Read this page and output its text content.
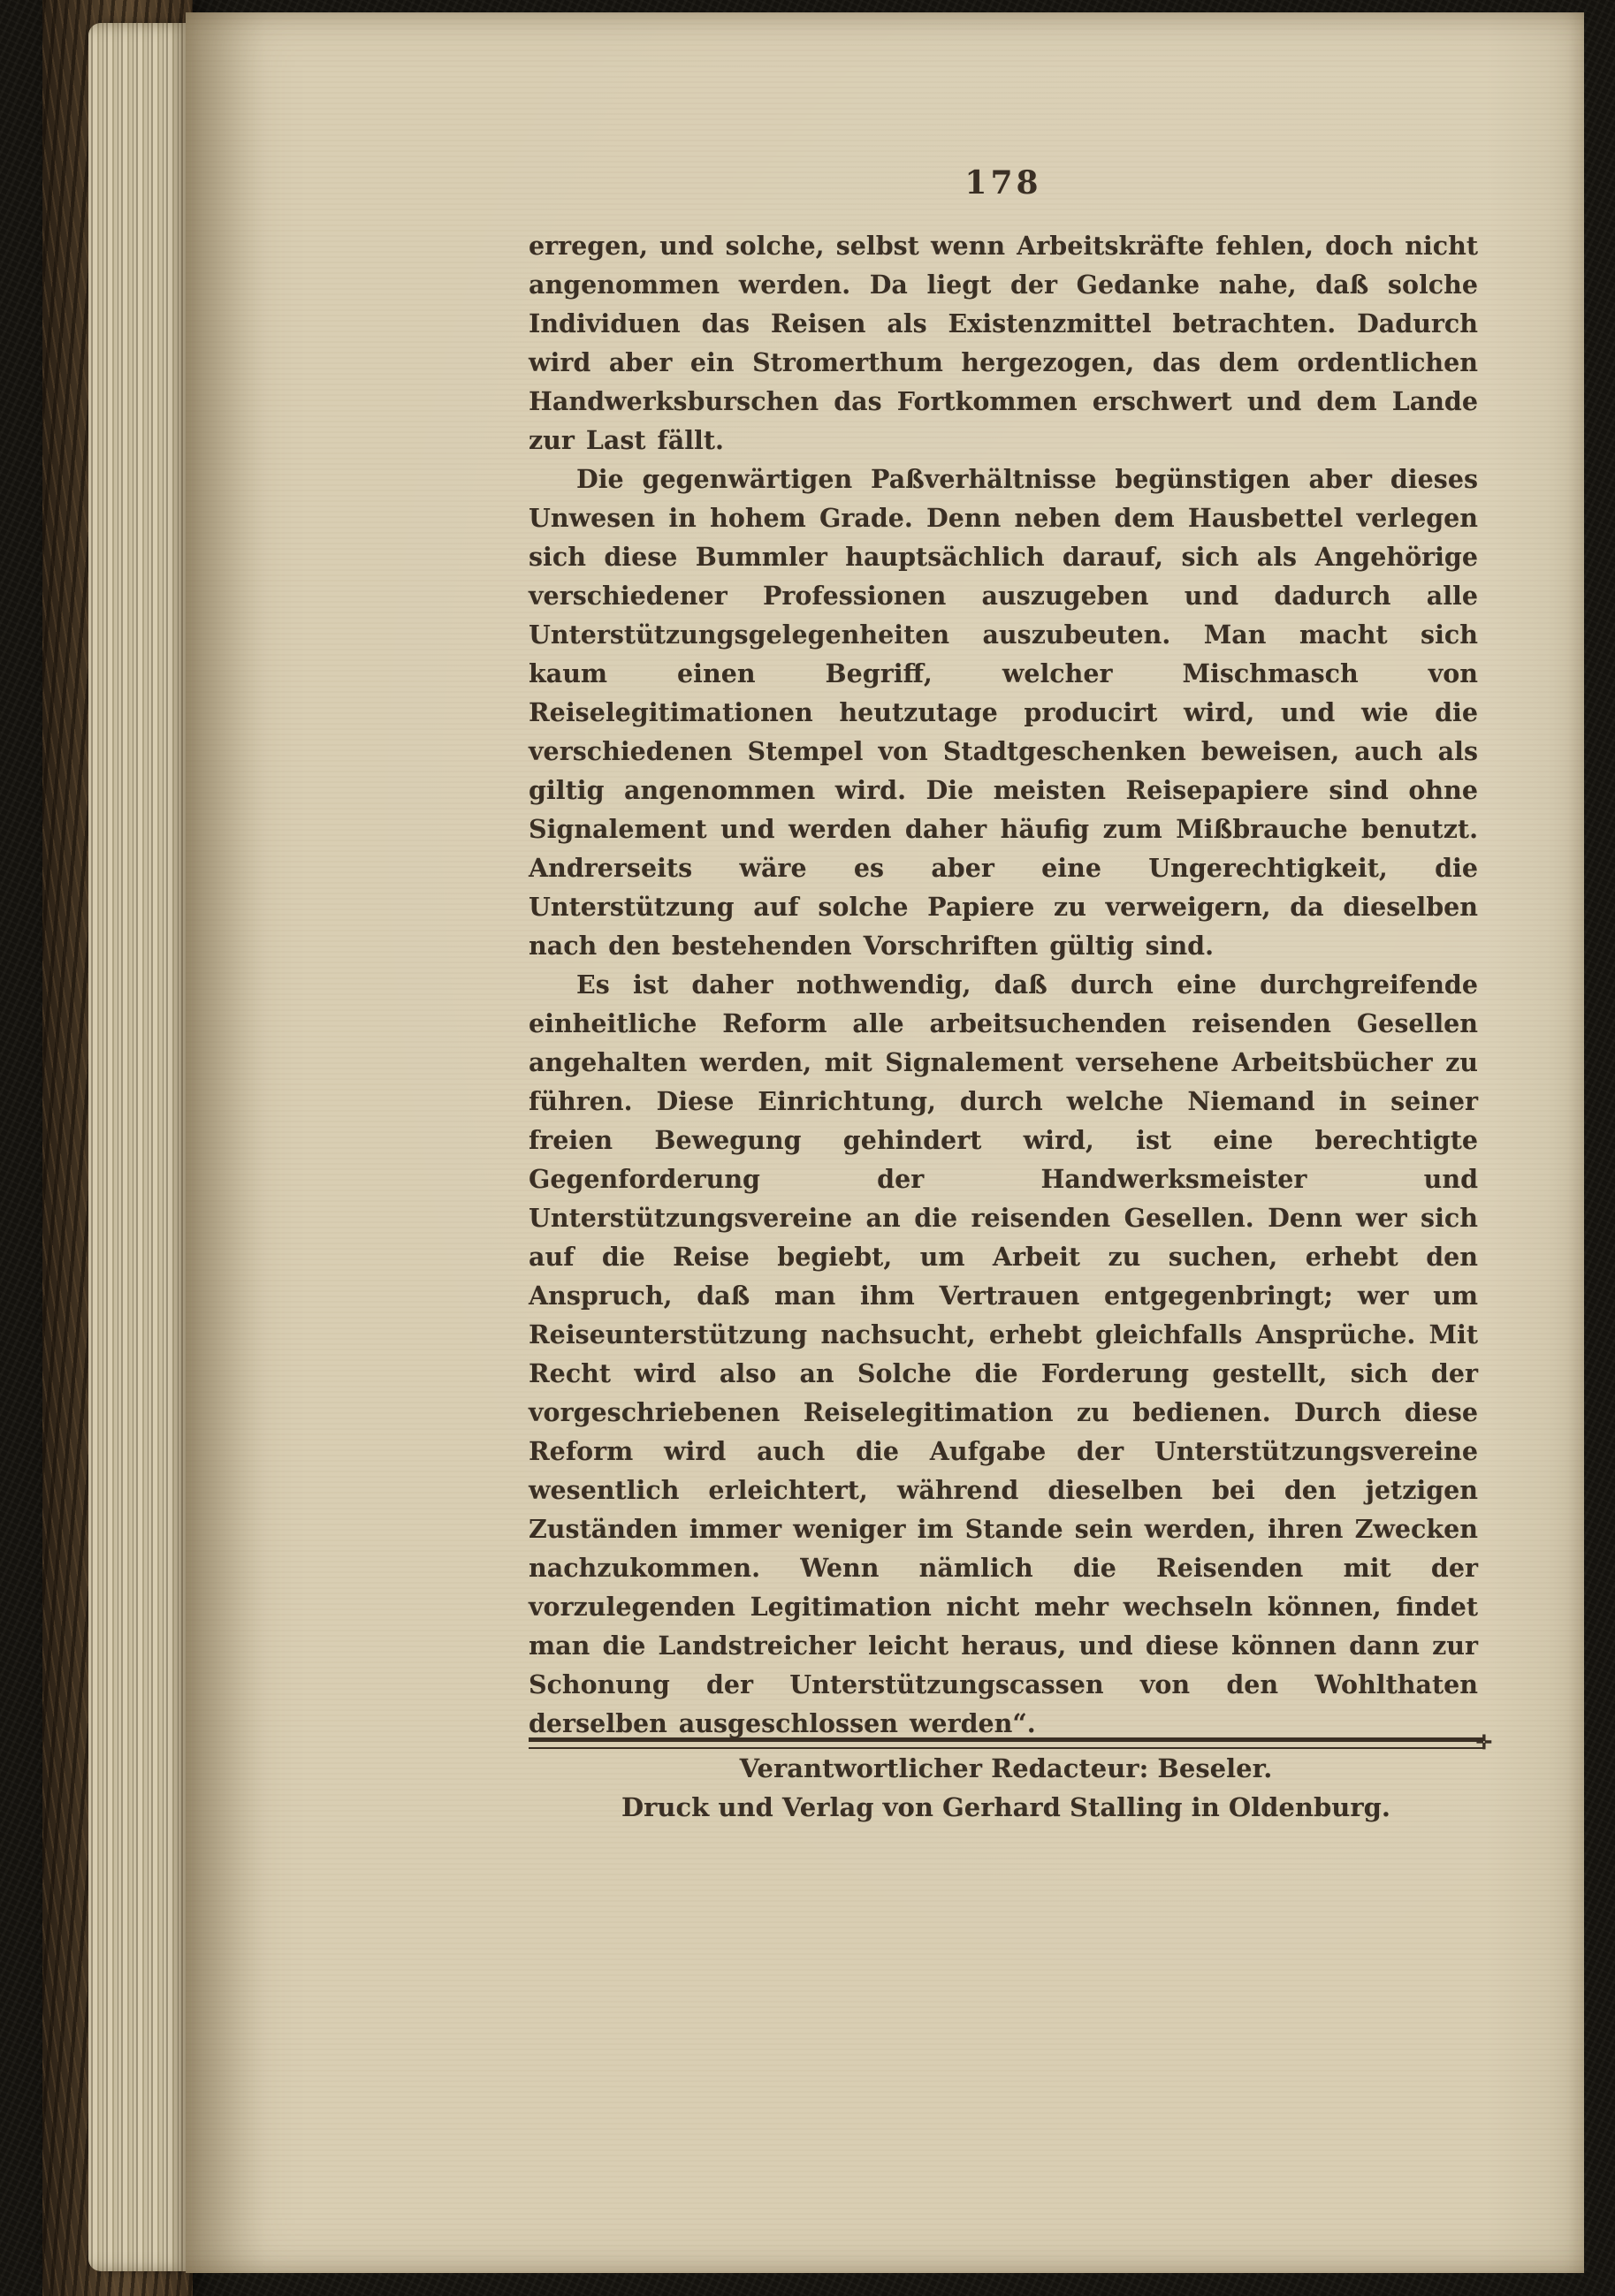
178

erregen, und solche, selbst wenn Arbeitskräfte fehlen, doch nicht angenommen werden. Da liegt der Gedanke nahe, daß solche Individuen das Reisen als Existenzmittel betrachten. Dadurch wird aber ein Stromerthum hergezogen, das dem ordentlichen Handwerksburschen das Fortkommen erschwert und dem Lande zur Last fällt.

Die gegenwärtigen Paßverhältnisse begünstigen aber dieses Unwesen in hohem Grade. Denn neben dem Hausbettel verlegen sich diese Bummler hauptsächlich darauf, sich als Angehörige verschiedener Professionen auszugeben und dadurch alle Unterstützungsgelegenheiten auszubeuten. Man macht sich kaum einen Begriff, welcher Mischmasch von Reiselegitimationen heutzutage producirt wird, und wie die verschiedenen Stempel von Stadtgeschenken beweisen, auch als giltig angenommen wird. Die meisten Reisepapiere sind ohne Signalement und werden daher häufig zum Mißbrauche benutzt. Andrerseits wäre es aber eine Ungerechtigkeit, die Unterstützung auf solche Papiere zu verweigern, da dieselben nach den bestehenden Vorschriften gültig sind.

Es ist daher nothwendig, daß durch eine durchgreifende einheitliche Reform alle arbeitsuchenden reisenden Gesellen angehalten werden, mit Signalement versehene Arbeitsbücher zu führen. Diese Einrichtung, durch welche Niemand in seiner freien Bewegung gehindert wird, ist eine berechtigte Gegenforderung der Handwerksmeister und Unterstützungsvereine an die reisenden Gesellen. Denn wer sich auf die Reise begiebt, um Arbeit zu suchen, erhebt den Anspruch, daß man ihm Vertrauen entgegenbringt; wer um Reiseunterstützung nachsucht, erhebt gleichfalls Ansprüche. Mit Recht wird also an Solche die Forderung gestellt, sich der vorgeschriebenen Reiselegitimation zu bedienen. Durch diese Reform wird auch die Aufgabe der Unterstützungsvereine wesentlich erleichtert, während dieselben bei den jetzigen Zuständen immer weniger im Stande sein werden, ihren Zwecken nachzukommen. Wenn nämlich die Reisenden mit der vorzulegenden Legitimation nicht mehr wechseln können, findet man die Landstreicher leicht heraus, und diese können dann zur Schonung der Unterstützungscassen von den Wohlthaten derselben ausgeschlossen werden“.

✛
Verantwortlicher Redacteur: Beseler.
Druck und Verlag von Gerhard Stalling in Oldenburg.
